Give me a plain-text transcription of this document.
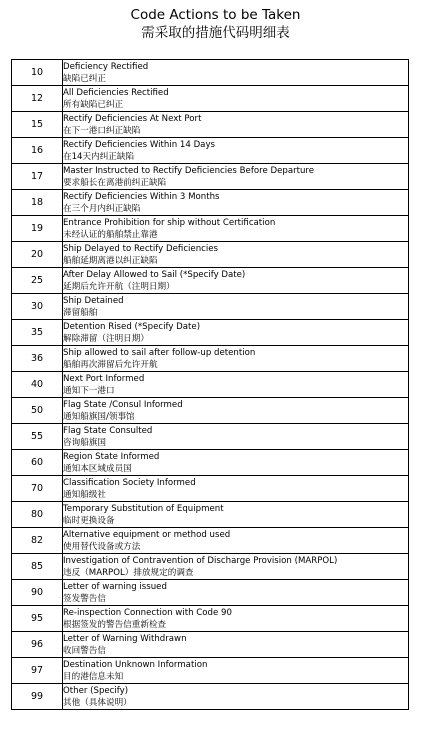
Code Actions to be Taken
需采取的措施代码明细表
10	Deficiency Rectified
缺陷已纠正

12	All Deficiencies Rectified
所有缺陷已纠正

15	Rectify Deficiencies At Next Port
在下一港口纠正缺陷

16	Rectify Deficiencies Within 14 Days
在14天内纠正缺陷

17	Master Instructed to Rectify Deficiencies Before Departure
要求船长在离港前纠正缺陷

18	Rectify Deficiencies Within 3 Months
在三个月内纠正缺陷

19	Entrance Prohibition for ship without Certification
未经认证的船舶禁止靠港

20	Ship Delayed to Rectify Deficiencies
船舶延期离港以纠正缺陷

25	After Delay Allowed to Sail (*Specify Date)
延期后允许开航（注明日期）

30	Ship Detained
滞留船舶

35	Detention Rised (*Specify Date)
解除滞留（注明日期）

36	Ship allowed to sail after follow-up detention
船舶再次滞留后允许开航

40	Next Port Informed
通知下一港口

50	Flag State /Consul Informed
通知船旗国/领事馆

55	Flag State Consulted
咨询船旗国

60	Region State Informed
通知本区域成员国

70	Classification Society Informed
通知船级社

80	Temporary Substitution of Equipment
临时更换设备

82	Alternative equipment or method used
使用替代设备或方法

85	Investigation of Contravention of Discharge Provision (MARPOL)
违反（MARPOL）排放规定的调查

90	Letter of warning issued
签发警告信

95	Re-inspection Connection with Code 90
根据签发的警告信重新检查

96	Letter of Warning Withdrawn
收回警告信

97	Destination Unknown Information
目的港信息未知

99	Other (Specify)
其他（具体说明）
